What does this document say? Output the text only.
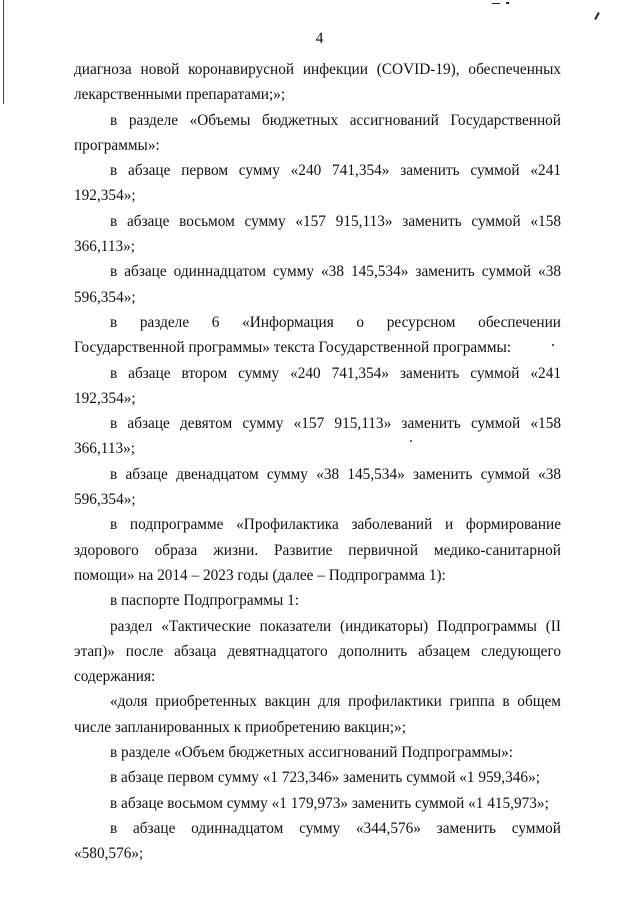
4

диагноза новой коронавирусной инфекции (COVID-19), обеспеченных лекарственными препаратами;»;

в разделе «Объемы бюджетных ассигнований Государственной программы»:

в абзаце первом сумму «240 741,354» заменить суммой «241 192,354»;

в абзаце восьмом сумму «157 915,113» заменить суммой «158 366,113»;

в абзаце одиннадцатом сумму «38 145,534» заменить суммой «38 596,354»;

в разделе 6 «Информация о ресурсном обеспечении Государственной программы» текста Государственной программы:

в абзаце втором сумму «240 741,354» заменить суммой «241 192,354»;

в абзаце девятом сумму «157 915,113» заменить суммой «158 366,113»;

в абзаце двенадцатом сумму «38 145,534» заменить суммой «38 596,354»;

в подпрограмме «Профилактика заболеваний и формирование здорового образа жизни. Развитие первичной медико-санитарной помощи» на 2014 – 2023 годы (далее – Подпрограмма 1):

в паспорте Подпрограммы 1:

раздел «Тактические показатели (индикаторы) Подпрограммы (II этап)» после абзаца девятнадцатого дополнить абзацем следующего содержания:

«доля приобретенных вакцин для профилактики гриппа в общем числе запланированных к приобретению вакцин;»;

в разделе «Объем бюджетных ассигнований Подпрограммы»:

в абзаце первом сумму «1 723,346» заменить суммой «1 959,346»;

в абзаце восьмом сумму «1 179,973» заменить суммой «1 415,973»;

в абзаце одиннадцатом сумму «344,576» заменить суммой «580,576»;
